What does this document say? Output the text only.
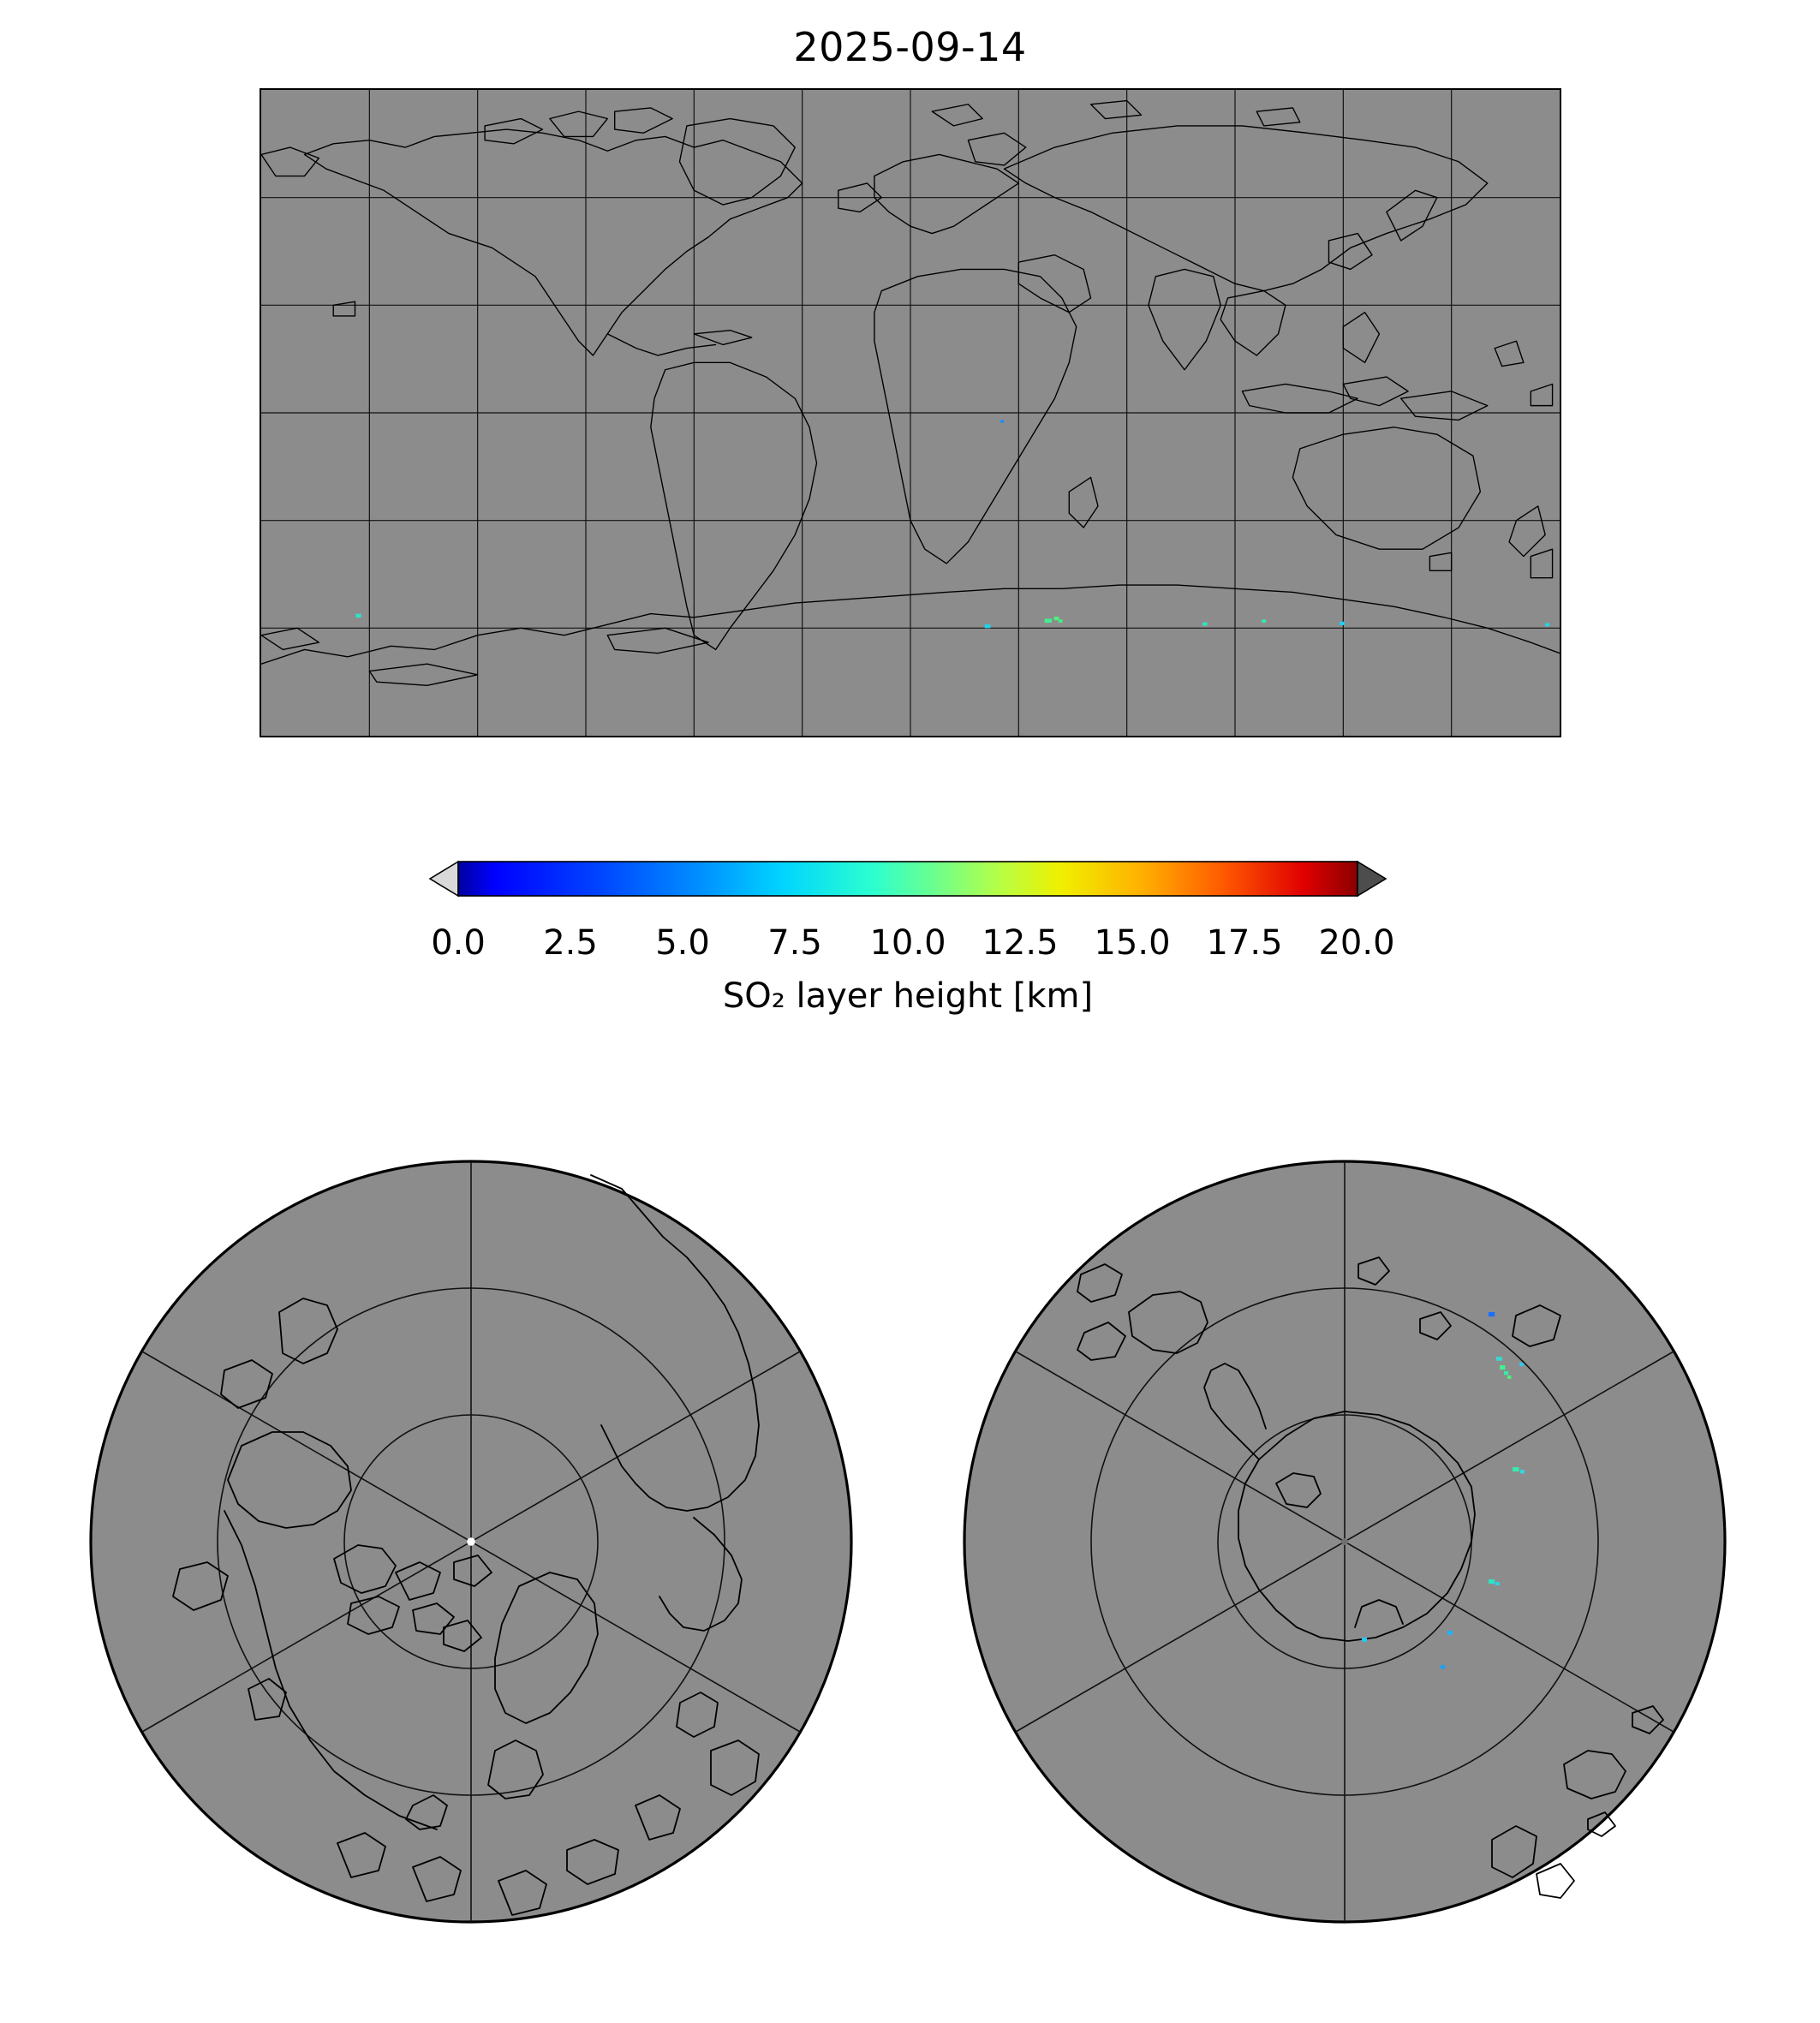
2025-09-14
0.0 2.5 5.0 7.5 10.0 12.5 15.0 17.5 20.0
SO₂ layer height [km]
